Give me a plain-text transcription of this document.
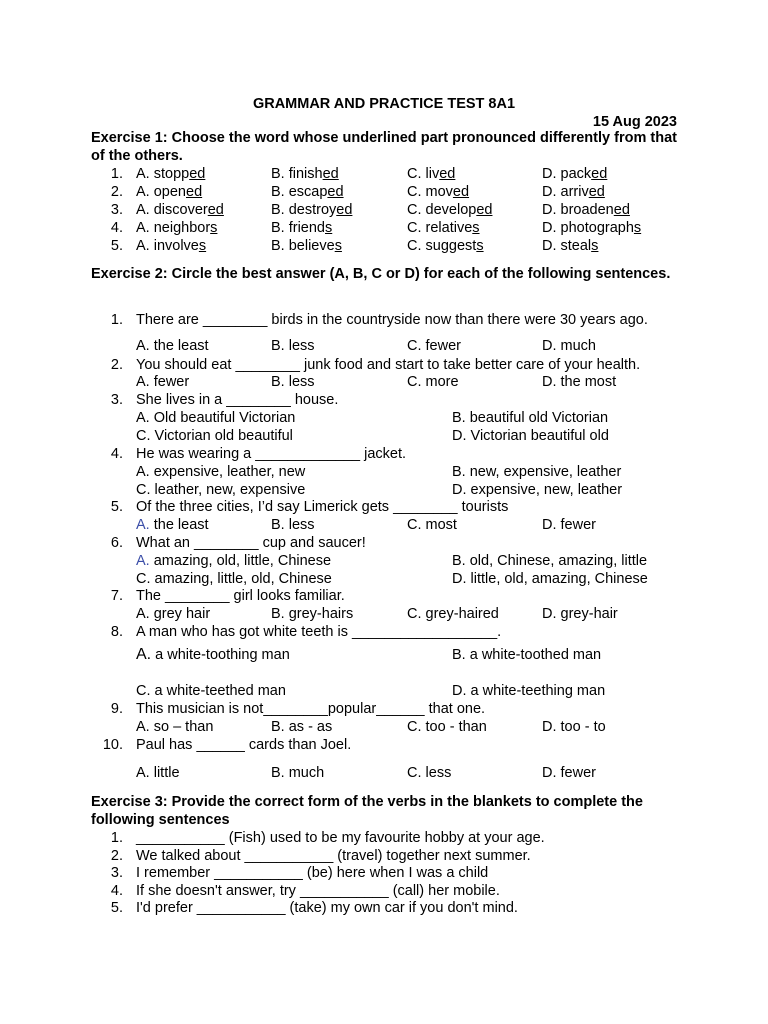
GRAMMAR AND PRACTICE TEST 8A1
15 Aug 2023
Exercise 1: Choose the word whose underlined part pronounced differently from that of the others.
1. A. stopped	B. finished	C. lived	D. packed
2. A. opened	B. escaped	C. moved	D. arrived
3. A. discovered	B. destroyed	C. developed	D. broadened
4. A. neighbors	B. friends	C. relatives	D. photographs
5. A. involves	B. believes	C. suggests	D. steals
Exercise 2: Circle the best answer (A, B, C or D) for each of the following sentences.
1. There are ________ birds in the countryside now than there were 30 years ago.
A. the least	B. less	C. fewer	D. much
2. You should eat ________ junk food and start to take better care of your health.
A. fewer	B. less	C. more	D. the most
3. She lives in a ________ house.
A. Old beautiful Victorian	B. beautiful old Victorian
C. Victorian old beautiful	D. Victorian beautiful old
4. He was wearing a _____________ jacket.
A. expensive, leather, new	B. new, expensive, leather
C. leather, new, expensive	D. expensive, new, leather
5. Of the three cities, I’d say Limerick gets ________ tourists
A. the least	B. less	C. most	D. fewer
6. What an ________ cup and saucer!
A. amazing, old, little, Chinese	B. old, Chinese, amazing, little
C. amazing, little, old, Chinese	D. little, old, amazing, Chinese
7. The ________ girl looks familiar.
A. grey hair	B. grey-hairs	C. grey-haired	D. grey-hair
8. A man who has got white teeth is __________________.
A. a white-toothing man	B. a white-toothed man
C. a white-teethed man	D. a white-teething man
9. This musician is not________popular______ that one.
A. so – than	B. as - as	C. too - than	D. too - to
10. Paul has ______ cards than Joel.
A. little	B. much	C. less	D. fewer
Exercise 3: Provide the correct form of the verbs in the blankets to complete the following sentences
1. ___________ (Fish) used to be my favourite hobby at your age.
2. We talked about ___________ (travel) together next summer.
3. I remember ___________ (be) here when I was a child
4. If she doesn't answer, try ___________ (call) her mobile.
5. I'd prefer ___________ (take) my own car if you don't mind.
